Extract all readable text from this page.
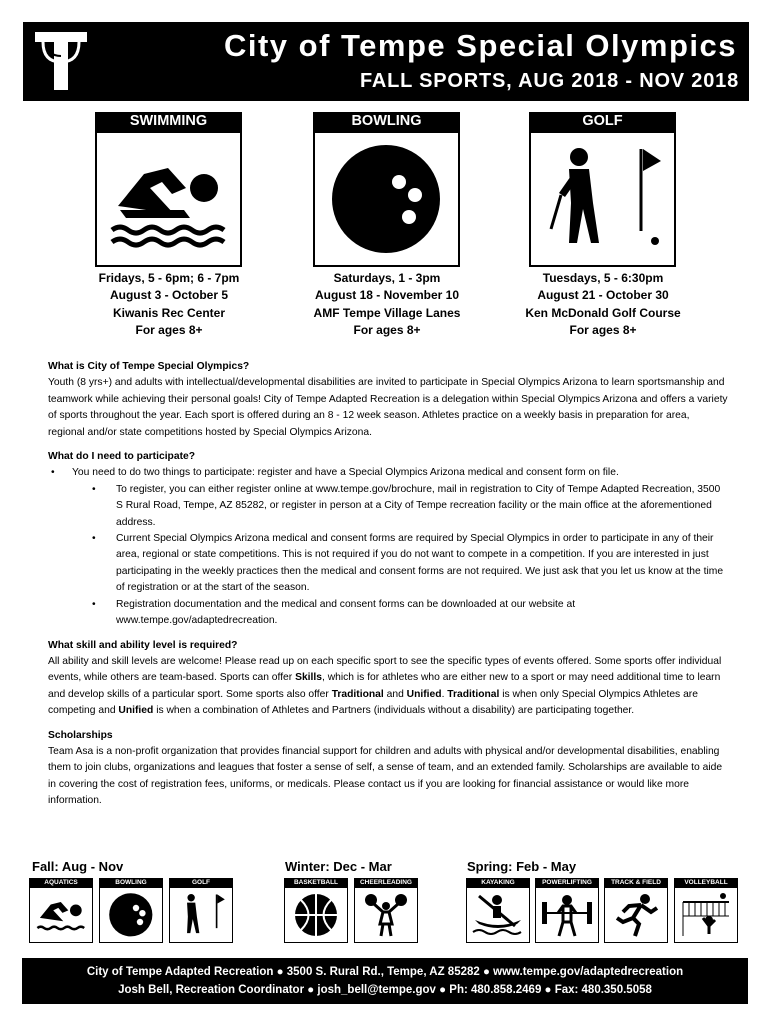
City of Tempe Special Olympics
FALL SPORTS, AUG 2018 - NOV 2018
SWIMMING
Fridays, 5 - 6pm; 6 - 7pm
August 3 - October 5
Kiwanis Rec Center
For ages 8+
BOWLING
Saturdays, 1 - 3pm
August 18 - November 10
AMF Tempe Village Lanes
For ages 8+
GOLF
Tuesdays, 5 - 6:30pm
August 21 - October 30
Ken McDonald Golf Course
For ages 8+

What is City of Tempe Special Olympics?

Youth (8 yrs+) and adults with intellectual/developmental disabilities are invited to participate in Special Olympics Arizona to learn sportsmanship and teamwork while achieving their personal goals! City of Tempe Adapted Recreation is a delegation within Special Olympics Arizona and offers a variety of sports throughout the year. Each sport is offered during an 8 - 12 week season. Athletes practice on a weekly basis in preparation for area, regional and/or state competitions hosted by Special Olympics Arizona.

What do I need to participate?

• You need to do two things to participate: register and have a Special Olympics Arizona medical and consent form on file.
• To register, you can either register online at www.tempe.gov/brochure, mail in registration to City of Tempe Adapted Recreation, 3500 S Rural Road, Tempe, AZ 85282, or register in person at a City of Tempe recreation facility or the main office at the aforementioned address.
• Current Special Olympics Arizona medical and consent forms are required by Special Olympics in order to participate in any of their area, regional or state competitions. This is not required if you do not want to compete in a competition. If you are interested in just participating in the weekly practices then the medical and consent forms are not required. We just ask that you let us know at the time of registration or at the start of the season.
• Registration documentation and the medical and consent forms can be downloaded at our website at www.tempe.gov/adaptedrecreation.

What skill and ability level is required?

All ability and skill levels are welcome! Please read up on each specific sport to see the specific types of events offered. Some sports offer individual events, while others are team-based. Sports can offer Skills, which is for athletes who are either new to a sport or may need additional time to learn and develop skills of a particular sport. Some sports also offer Traditional and Unified. Traditional is when only Special Olympics Athletes are competing and Unified is when a combination of Athletes and Partners (individuals without a disability) are participating together.

Scholarships

Team Asa is a non-profit organization that provides financial support for children and adults with physical and/or developmental disabilities, enabling them to join clubs, organizations and leagues that foster a sense of self, a sense of team, and an extended family. Scholarships are available to aide in covering the cost of registration fees, uniforms, or medicals. Please contact us if you are looking for financial assistance or would like more information.

Fall: Aug - Nov	Winter: Dec - Mar	Spring: Feb - May
AQUATICS	BOWLING	GOLF	BASKETBALL	CHEERLEADING	KAYAKING	POWERLIFTING	TRACK & FIELD	VOLLEYBALL
City of Tempe Adapted Recreation ● 3500 S. Rural Rd., Tempe, AZ 85282 ● www.tempe.gov/adaptedrecreation
Josh Bell, Recreation Coordinator ● josh_bell@tempe.gov ● Ph: 480.858.2469 ● Fax: 480.350.5058
